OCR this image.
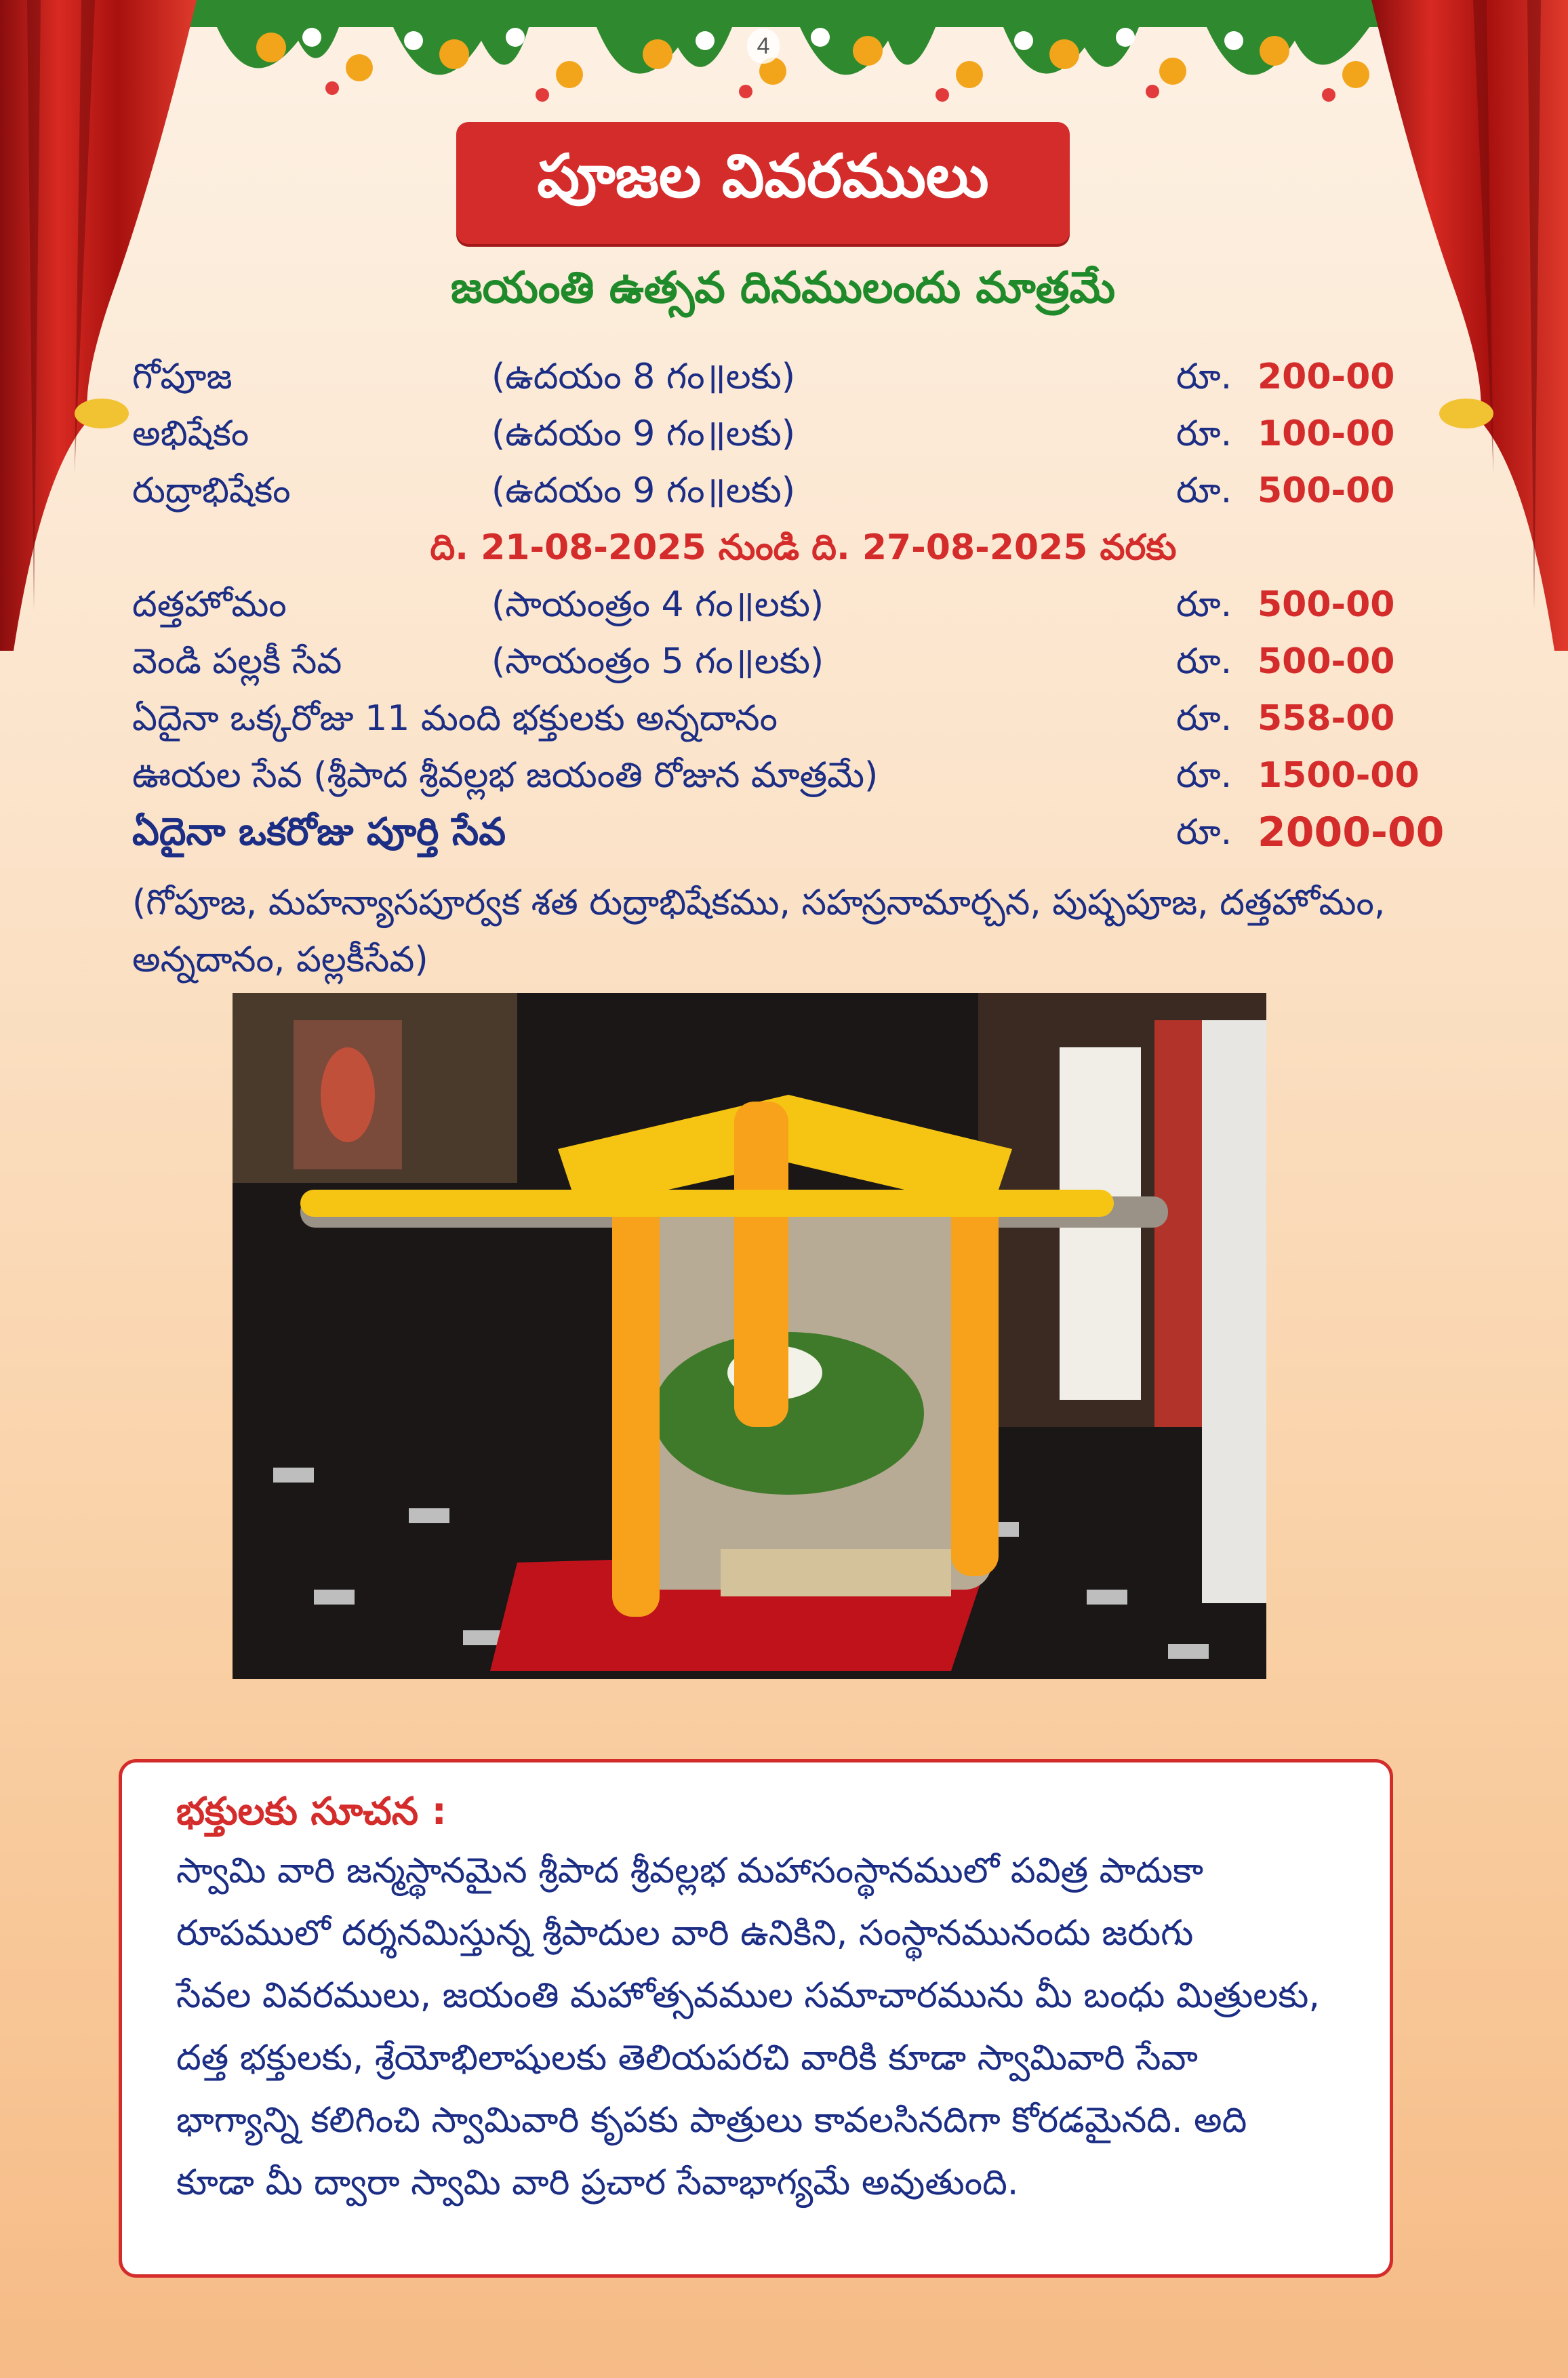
4
పూజల వివరములు
జయంతి ఉత్సవ దినములందు మాత్రమే
గోపూజ	(ఉదయం 8 గం॥లకు)	రూ. 200-00
అభిషేకం	(ఉదయం 9 గం॥లకు)	రూ. 100-00
రుద్రాభిషేకం	(ఉదయం 9 గం॥లకు)	రూ. 500-00
ది. 21-08-2025 నుండి ది. 27-08-2025 వరకు
దత్తహోమం	(సాయంత్రం 4 గం॥లకు)	రూ. 500-00
వెండి పల్లకీ సేవ	(సాయంత్రం 5 గం॥లకు)	రూ. 500-00
ఏదైనా ఒక్కరోజు 11 మంది భక్తులకు అన్నదానం	రూ. 558-00
ఊయల సేవ (శ్రీపాద శ్రీవల్లభ జయంతి రోజున మాత్రమే)	రూ. 1500-00
ఏదైనా ఒకరోజు పూర్తి సేవ	రూ. 2000-00
(గోపూజ, మహన్యాసపూర్వక శత రుద్రాభిషేకము, సహస్రనామార్చన, పుష్పపూజ, దత్తహోమం,
అన్నదానం, పల్లకీసేవ)
భక్తులకు సూచన :
స్వామి వారి జన్మస్థానమైన శ్రీపాద శ్రీవల్లభ మహాసంస్థానములో పవిత్ర పాదుకా
రూపములో దర్శనమిస్తున్న శ్రీపాదుల వారి ఉనికిని, సంస్థానమునందు జరుగు
సేవల వివరములు, జయంతి మహోత్సవముల సమాచారమును మీ బంధు మిత్రులకు,
దత్త భక్తులకు, శ్రేయోభిలాషులకు తెలియపరచి వారికి కూడా స్వామివారి సేవా
భాగ్యాన్ని కలిగించి స్వామివారి కృపకు పాత్రులు కావలసినదిగా కోరడమైనది. అది
కూడా మీ ద్వారా స్వామి వారి ప్రచార సేవాభాగ్యమే అవుతుంది.
